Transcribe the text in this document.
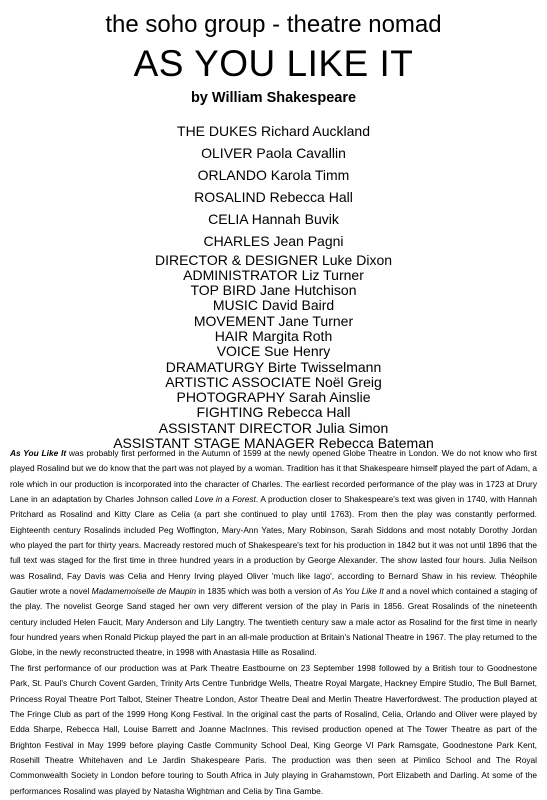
the soho group - theatre nomad

AS YOU LIKE IT

by William Shakespeare

THE DUKES Richard Auckland
OLIVER Paola Cavallin
ORLANDO Karola Timm
ROSALIND Rebecca Hall
CELIA Hannah Buvik
CHARLES Jean Pagni
DIRECTOR & DESIGNER Luke Dixon
ADMINISTRATOR Liz Turner
TOP BIRD Jane Hutchison
MUSIC David Baird
MOVEMENT Jane Turner
HAIR Margita Roth
VOICE Sue Henry
DRAMATURGY Birte Twisselmann
ARTISTIC ASSOCIATE Noël Greig
PHOTOGRAPHY Sarah Ainslie
FIGHTING Rebecca Hall
ASSISTANT DIRECTOR Julia Simon
ASSISTANT STAGE MANAGER Rebecca Bateman

As You Like It was probably first performed in the Autumn of 1599 at the newly opened Globe Theatre in London. We do not know who first played Rosalind but we do know that the part was not played by a woman. Tradition has it that Shakespeare himself played the part of Adam, a role which in our production is incorporated into the character of Charles. The earliest recorded performance of the play was in 1723 at Drury Lane in an adaptation by Charles Johnson called Love in a Forest. A production closer to Shakespeare's text was given in 1740, with Hannah Pritchard as Rosalind and Kitty Clare as Celia (a part she continued to play until 1763). From then the play was constantly performed. Eighteenth century Rosalinds included Peg Woffington, Mary-Ann Yates, Mary Robinson, Sarah Siddons and most notably Dorothy Jordan who played the part for thirty years. Macready restored much of Shakespeare's text for his production in 1842 but it was not until 1896 that the full text was staged for the first time in three hundred years in a production by George Alexander. The show lasted four hours. Julia Neilson was Rosalind, Fay Davis was Celia and Henry Irving played Oliver 'much like Iago', according to Bernard Shaw in his review. Théophile Gautier wrote a novel Madamemoiselle de Maupin in 1835 which was both a version of As You Like It and a novel which contained a staging of the play. The novelist George Sand staged her own very different version of the play in Paris in 1856. Great Rosalinds of the nineteenth century included Helen Faucit, Mary Anderson and Lily Langtry. The twentieth century saw a male actor as Rosalind for the first time in nearly four hundred years when Ronald Pickup played the part in an all-male production at Britain's National Theatre in 1967. The play returned to the Globe, in the newly reconstructed theatre, in 1998 with Anastasia Hille as Rosalind.

The first performance of our production was at Park Theatre Eastbourne on 23 September 1998 followed by a British tour to Goodnestone Park, St. Paul's Church Covent Garden, Trinity Arts Centre Tunbridge Wells, Theatre Royal Margate, Hackney Empire Studio, The Bull Barnet, Princess Royal Theatre Port Talbot, Steiner Theatre London, Astor Theatre Deal and Merlin Theatre Haverfordwest. The production played at The Fringe Club as part of the 1999 Hong Kong Festival. In the original cast the parts of Rosalind, Celia, Orlando and Oliver were played by Edda Sharpe, Rebecca Hall, Louise Barrett and Joanne MacInnes. This revised production opened at The Tower Theatre as part of the Brighton Festival in May 1999 before playing Castle Community School Deal, King George VI Park Ramsgate, Goodnestone Park Kent, Rosehill Theatre Whitehaven and Le Jardin Shakespeare Paris. The production was then seen at Pimlico School and The Royal Commonwealth Society in London before touring to South Africa in July playing in Grahamstown, Port Elizabeth and Darling. At some of the performances Rosalind was played by Natasha Wightman and Celia by Tina Gambe.
